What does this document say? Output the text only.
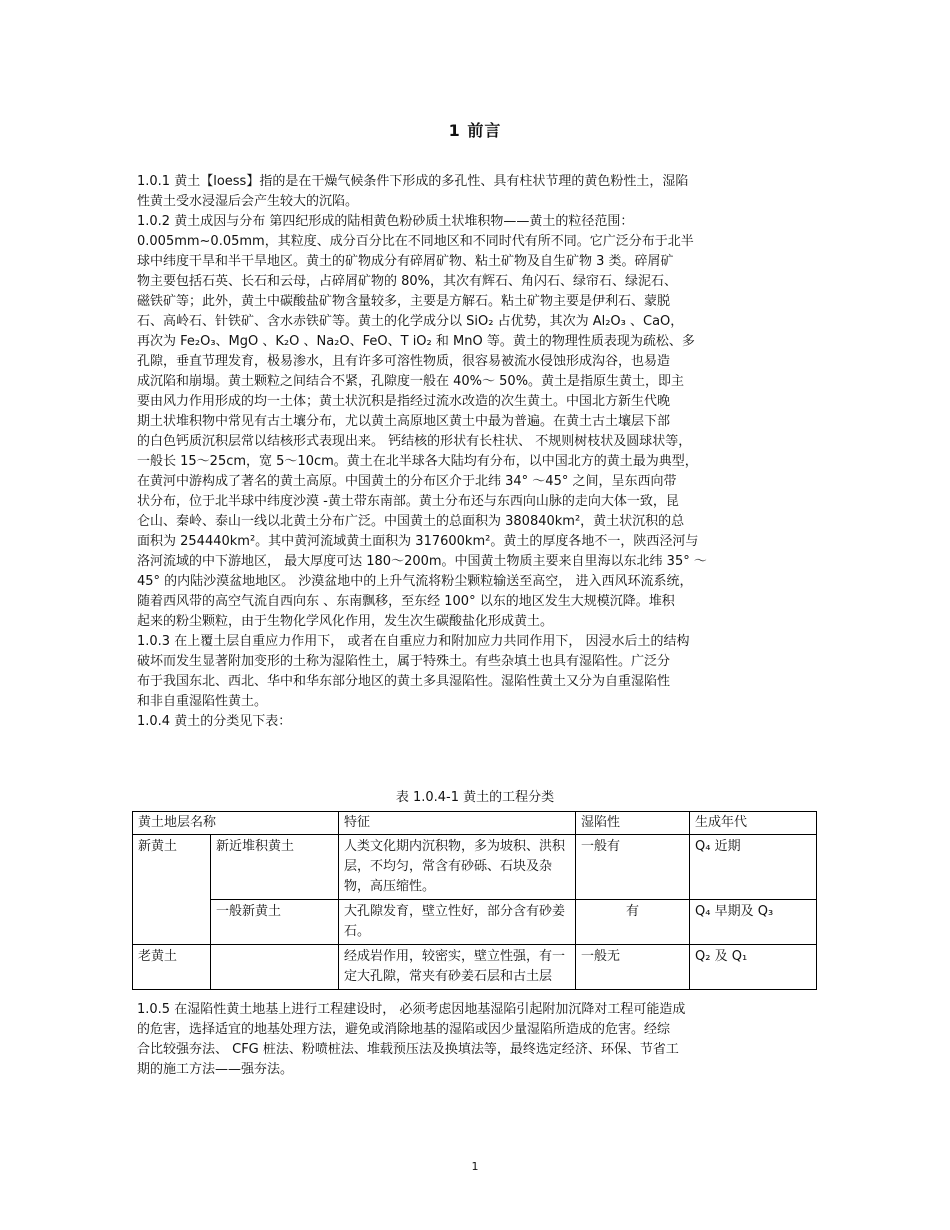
1 前言
1.0.1 黄土【loess】指的是在干燥气候条件下形成的多孔性、具有柱状节理的黄色粉性土，湿陷
性黄土受水浸湿后会产生较大的沉陷。
1.0.2 黄土成因与分布 第四纪形成的陆相黄色粉砂质土状堆积物——黄土的粒径范围：
0.005mm~0.05mm，其粒度、成分百分比在不同地区和不同时代有所不同。它广泛分布于北半
球中纬度干旱和半干旱地区。黄土的矿物成分有碎屑矿物、粘土矿物及自生矿物 3 类。碎屑矿
物主要包括石英、长石和云母，占碎屑矿物的 80%，其次有辉石、角闪石、绿帘石、绿泥石、
磁铁矿等；此外，黄土中碳酸盐矿物含量较多，主要是方解石。粘土矿物主要是伊利石、蒙脱
石、高岭石、针铁矿、含水赤铁矿等。黄土的化学成分以 SiO₂ 占优势，其次为 Al₂O₃ 、CaO，
再次为 Fe₂O₃、MgO 、K₂O 、Na₂O、FeO、T iO₂ 和 MnO 等。黄土的物理性质表现为疏松、多
孔隙，垂直节理发育，极易渗水，且有许多可溶性物质，很容易被流水侵蚀形成沟谷，也易造
成沉陷和崩塌。黄土颗粒之间结合不紧，孔隙度一般在 40%～ 50%。黄土是指原生黄土，即主
要由风力作用形成的均一土体；黄土状沉积是指经过流水改造的次生黄土。中国北方新生代晚
期土状堆积物中常见有古土壤分布，尤以黄土高原地区黄土中最为普遍。在黄土古土壤层下部
的白色钙质沉积层常以结核形式表现出来。 钙结核的形状有长柱状、 不规则树枝状及圆球状等，
一般长 15～25cm，宽 5～10cm。黄土在北半球各大陆均有分布，以中国北方的黄土最为典型，
在黄河中游构成了著名的黄土高原。中国黄土的分布区介于北纬 34° ～45° 之间，呈东西向带
状分布，位于北半球中纬度沙漠 -黄土带东南部。黄土分布还与东西向山脉的走向大体一致，昆
仑山、秦岭、泰山一线以北黄土分布广泛。中国黄土的总面积为 380840km²，黄土状沉积的总
面积为 254440km²。其中黄河流域黄土面积为 317600km²。黄土的厚度各地不一，陕西泾河与
洛河流域的中下游地区， 最大厚度可达 180～200m。中国黄土物质主要来自里海以东北纬 35° ～
45° 的内陆沙漠盆地地区。 沙漠盆地中的上升气流将粉尘颗粒输送至高空， 进入西风环流系统，
随着西风带的高空气流自西向东 、东南飘移，至东经 100° 以东的地区发生大规模沉降。堆积
起来的粉尘颗粒，由于生物化学风化作用，发生次生碳酸盐化形成黄土。
1.0.3 在上覆土层自重应力作用下， 或者在自重应力和附加应力共同作用下， 因浸水后土的结构
破坏而发生显著附加变形的土称为湿陷性土，属于特殊土。有些杂填土也具有湿陷性。广泛分
布于我国东北、西北、华中和华东部分地区的黄土多具湿陷性。湿陷性黄土又分为自重湿陷性
和非自重湿陷性黄土。
1.0.4 黄土的分类见下表：
表 1.0.4-1 黄土的工程分类
黄土地层名称		特征	湿陷性	生成年代
新黄土	新近堆积黄土	人类文化期内沉积物，多为坡积、洪积层，不均匀，常含有砂砾、石块及杂物，高压缩性。	一般有	Q₄ 近期
	一般新黄土	大孔隙发育，壁立性好，部分含有砂姜石。	有	Q₄ 早期及 Q₃
老黄土		经成岩作用，较密实，壁立性强，有一定大孔隙，常夹有砂姜石层和古土层	一般无	Q₂ 及 Q₁
1.0.5 在湿陷性黄土地基上进行工程建设时， 必须考虑因地基湿陷引起附加沉降对工程可能造成
的危害，选择适宜的地基处理方法，避免或消除地基的湿陷或因少量湿陷所造成的危害。经综
合比较强夯法、 CFG 桩法、粉喷桩法、堆载预压法及换填法等，最终选定经济、环保、节省工
期的施工方法——强夯法。
1
